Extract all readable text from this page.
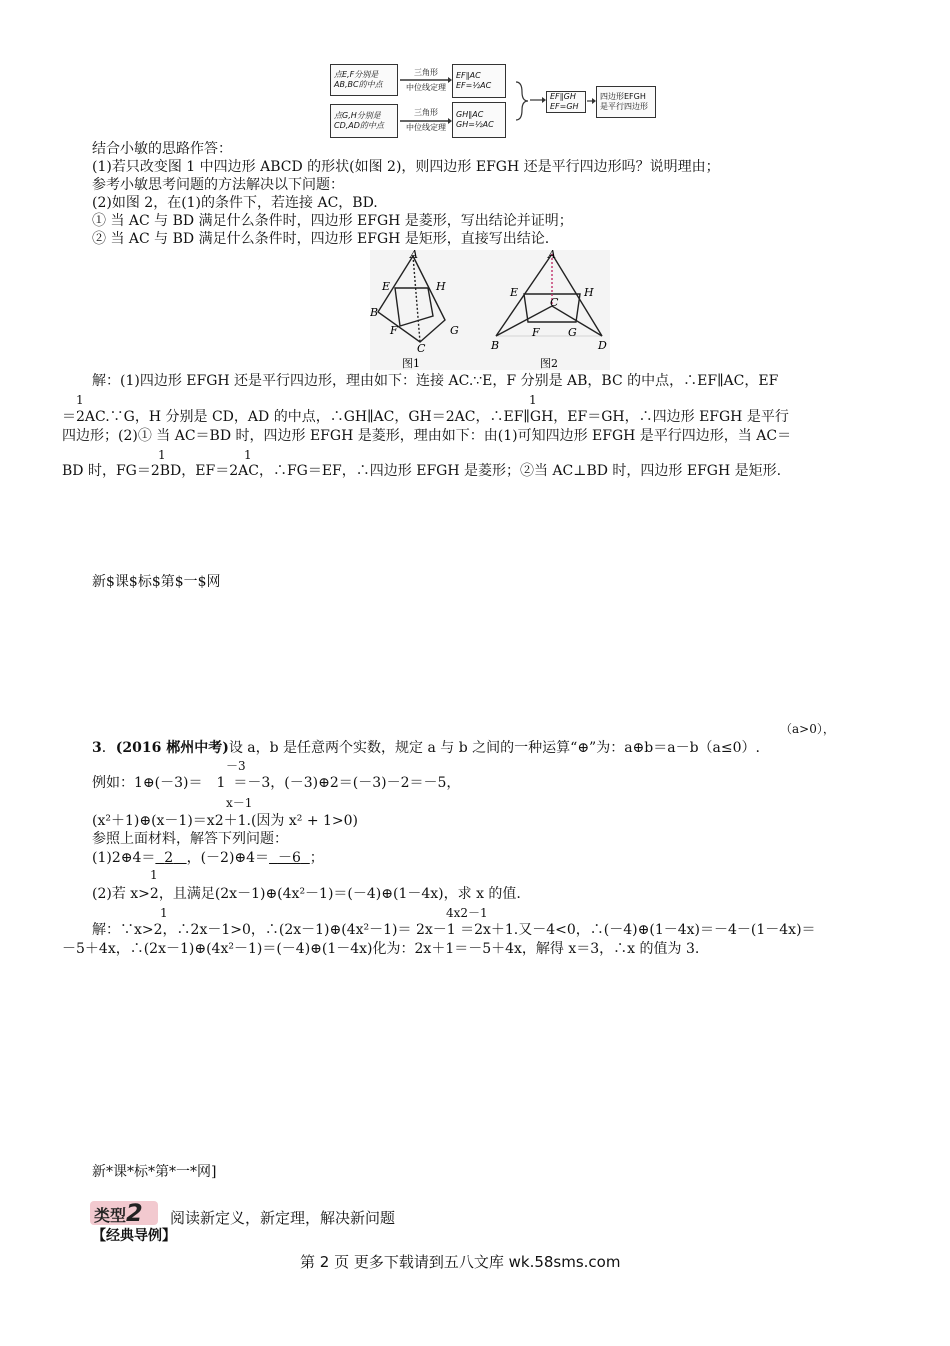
点E,F分别是AB,BC的中点
点G,H分别是CD,AD的中点
三角形
中位线定理
三角形
中位线定理
EF∥AC
EF=½AC
GH∥AC
GH=½AC
EF∥GH
EF=GH
四边形EFGH
是平行四边形
结合小敏的思路作答：
(1)若只改变图 1 中四边形 ABCD 的形状(如图 2)，则四边形 EFGH 还是平行四边形吗？说明理由；
参考小敏思考问题的方法解决以下问题：
(2)如图 2，在(1)的条件下，若连接 AC，BD.
① 当 AC 与 BD 满足什么条件时，四边形 EFGH 是菱形，写出结论并证明；
② 当 AC 与 BD 满足什么条件时，四边形 EFGH 是矩形，直接写出结论.
A
E	H
B
F	G
C
图1
A
E	H
C
F	G
B	D
图2
解：(1)四边形 EFGH 还是平行四边形，理由如下：连接 AC.∵E，F 分别是 AB，BC 的中点，∴EF∥AC，EF
1	1
＝2AC.∵G，H 分别是 CD，AD 的中点，∴GH∥AC，GH＝2AC，∴EF∥GH，EF＝GH，∴四边形 EFGH 是平行
四边形；(2)① 当 AC＝BD 时，四边形 EFGH 是菱形，理由如下：由(1)可知四边形 EFGH 是平行四边形，当 AC＝
1	1
BD 时，FG＝2BD，EF＝2AC，∴FG＝EF，∴四边形 EFGH 是菱形；②当 AC⊥BD 时，四边形 EFGH 是矩形.
新$课$标$第$一$网
（a>0），
3．(2016 郴州中考)设 a，b 是任意两个实数，规定 a 与 b 之间的一种运算“⊕”为：a⊕b＝a－b（a≤0）.
－3
例如：1⊕(－3)＝ 1 ＝－3，(－3)⊕2＝(－3)－2＝－5，
x－1
(x²＋1)⊕(x－1)＝x2＋1.(因为 x² + 1>0)
参照上面材料，解答下列问题：
(1)2⊕4＝ 2 ，(－2)⊕4＝ －6 ；
1
(2)若 x>2，且满足(2x－1)⊕(4x²－1)＝(－4)⊕(1－4x)，求 x 的值.
1	4x2－1
解：∵x>2，∴2x－1>0，∴(2x－1)⊕(4x²－1)＝ 2x－1 ＝2x＋1.又－4<0，∴(－4)⊕(1－4x)＝－4－(1－4x)＝
－5＋4x，∴(2x－1)⊕(4x²－1)＝(－4)⊕(1－4x)化为：2x＋1＝－5＋4x，解得 x＝3，∴x 的值为 3.
新*课*标*第*一*网]
类型2	阅读新定义，新定理，解决新问题
【经典导例】
第 2 页 更多下载请到五八文库 wk.58sms.com
